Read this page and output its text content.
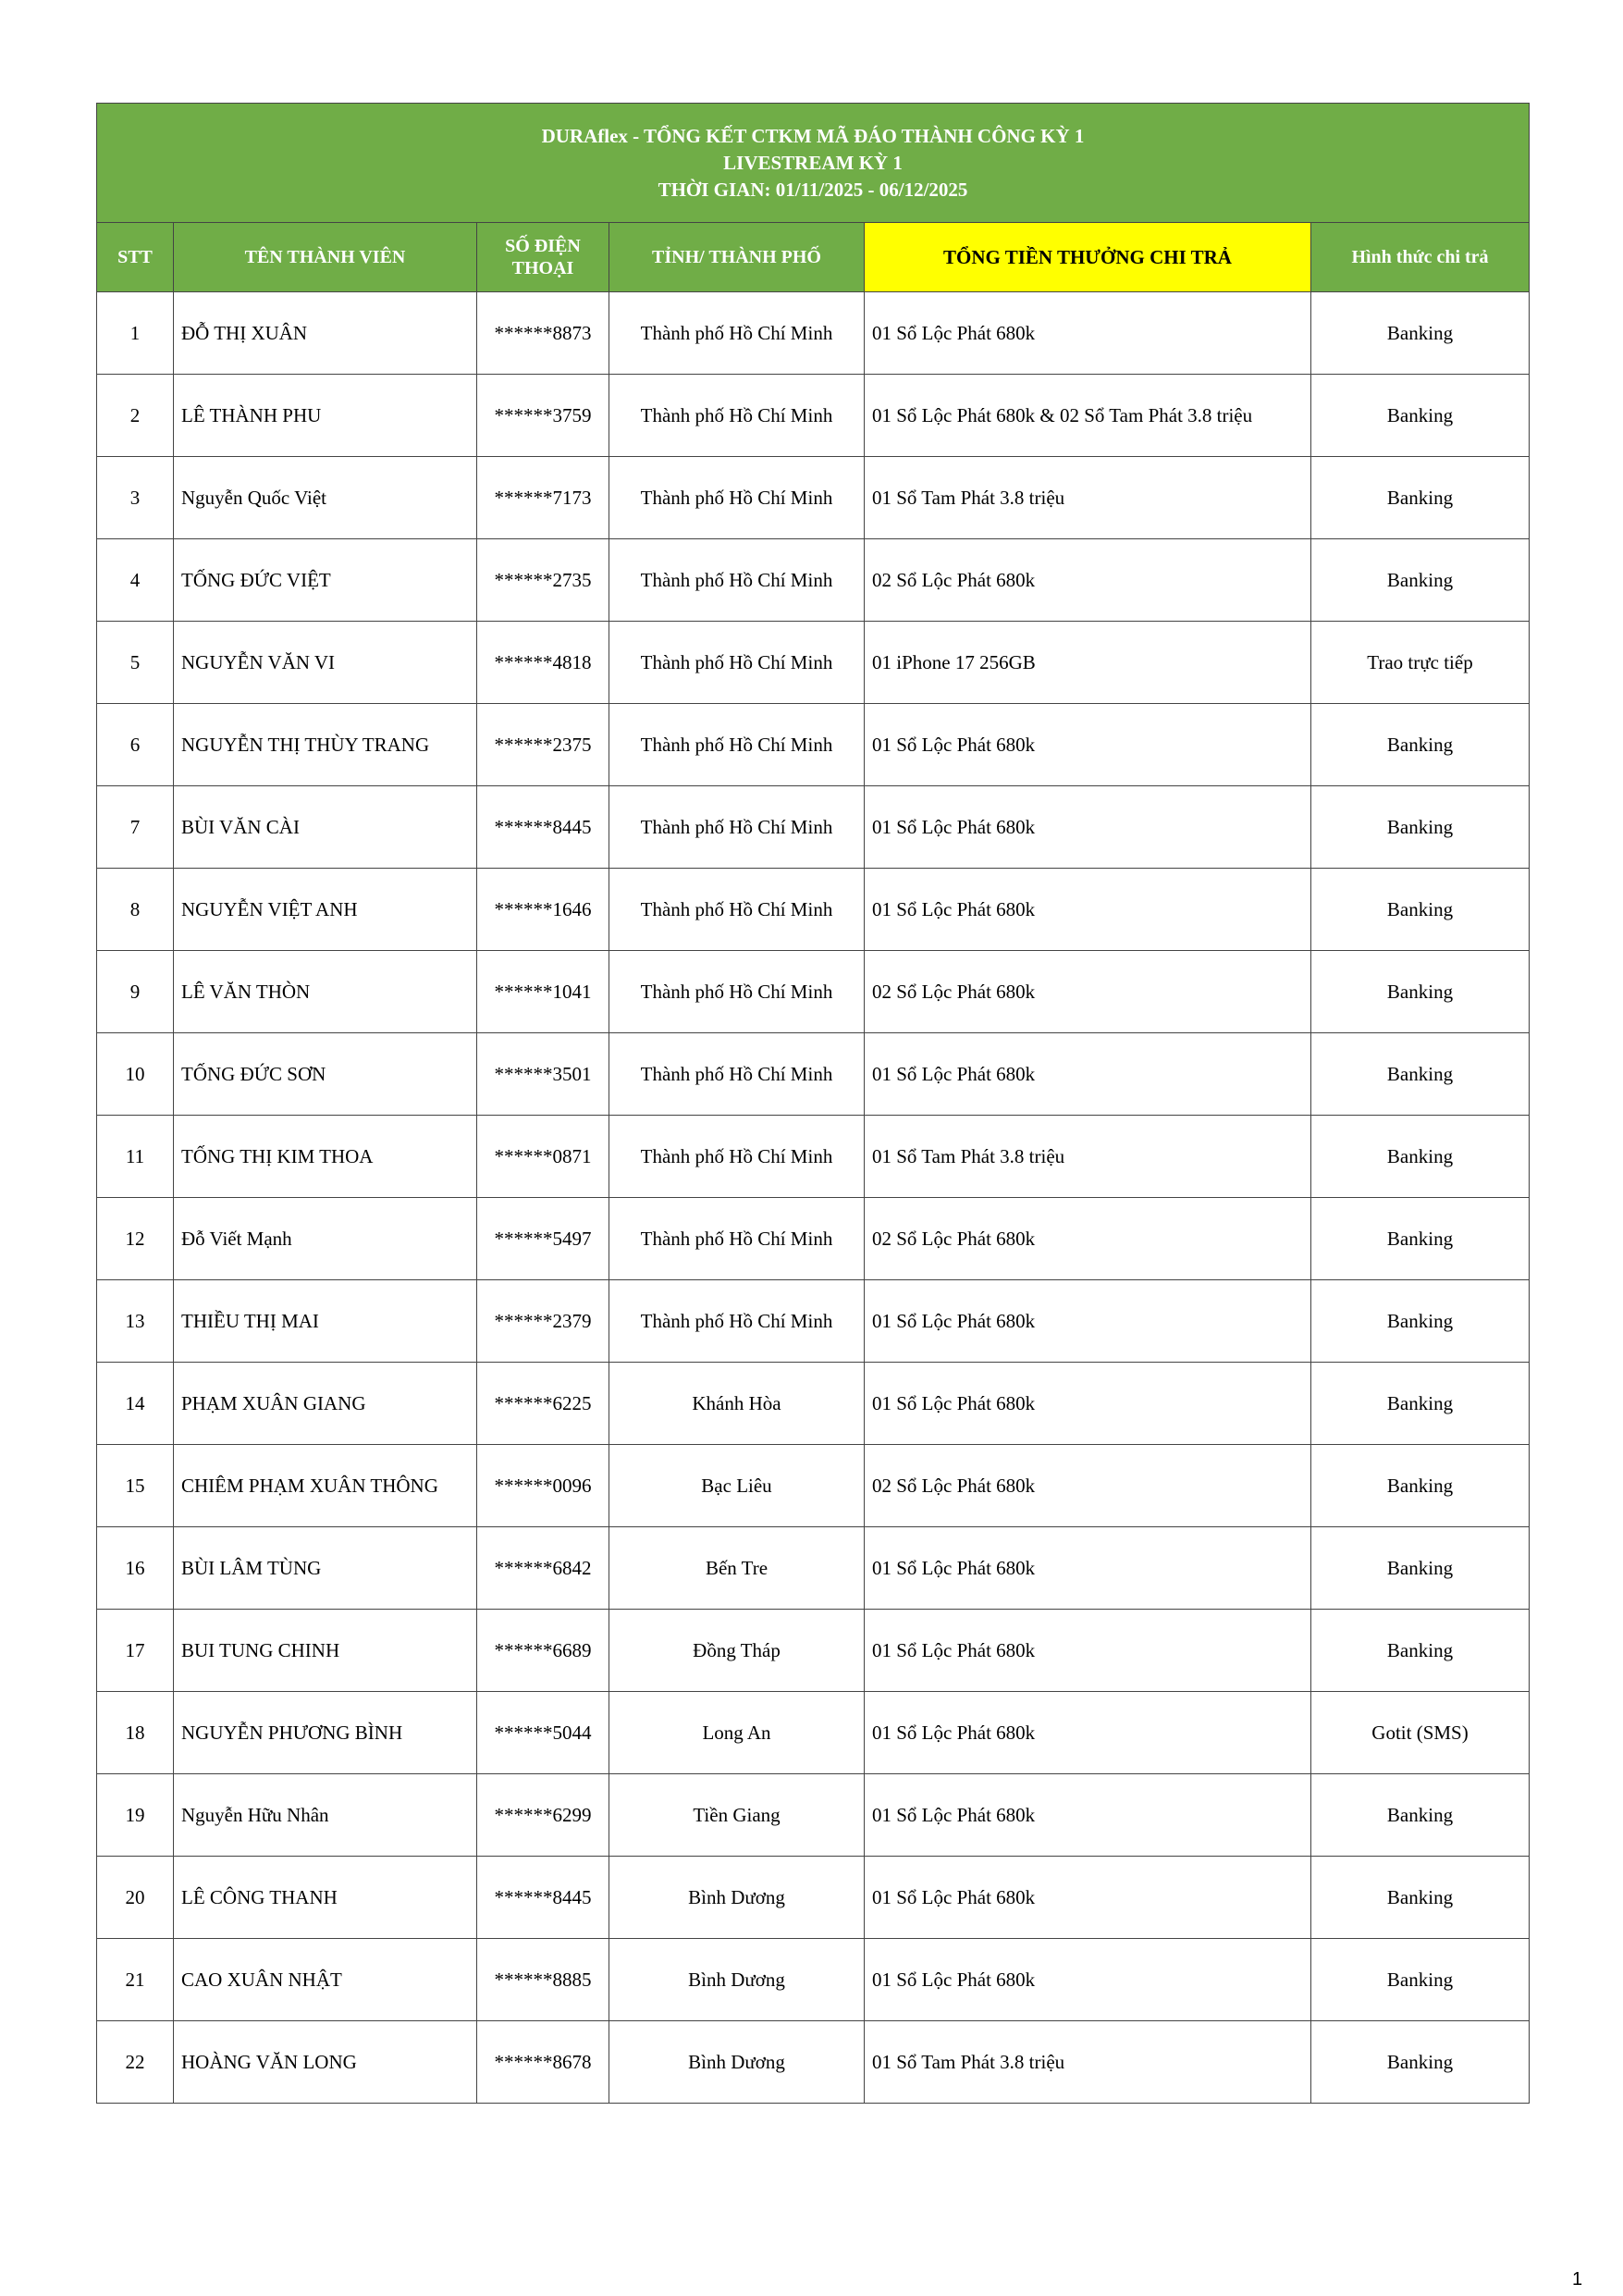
DURAflex - TỔNG KẾT CTKM MÃ ĐÁO THÀNH CÔNG KỲ 1
LIVESTREAM KỲ 1
THỜI GIAN: 01/11/2025 - 06/12/2025					

STT	TÊN THÀNH VIÊN	SỐ ĐIỆN THOẠI	TỈNH/ THÀNH PHỐ	TỔNG TIỀN THƯỞNG CHI TRẢ	Hình thức chi trả
1	ĐỖ THỊ XUÂN	******8873	Thành phố Hồ Chí Minh	01 Sổ Lộc Phát 680k	Banking
2	LÊ THÀNH PHU	******3759	Thành phố Hồ Chí Minh	01 Sổ Lộc Phát 680k & 02 Sổ Tam Phát 3.8 triệu	Banking
3	Nguyễn Quốc Việt	******7173	Thành phố Hồ Chí Minh	01 Sổ Tam Phát 3.8 triệu	Banking
4	TỐNG ĐỨC VIỆT	******2735	Thành phố Hồ Chí Minh	02 Sổ Lộc Phát 680k	Banking
5	NGUYỄN VĂN VI	******4818	Thành phố Hồ Chí Minh	01 iPhone 17 256GB	Trao trực tiếp
6	NGUYỄN THỊ THÙY TRANG	******2375	Thành phố Hồ Chí Minh	01 Sổ Lộc Phát 680k	Banking
7	BÙI VĂN CÀI	******8445	Thành phố Hồ Chí Minh	01 Sổ Lộc Phát 680k	Banking
8	NGUYỄN VIỆT ANH	******1646	Thành phố Hồ Chí Minh	01 Sổ Lộc Phát 680k	Banking
9	LÊ VĂN THÒN	******1041	Thành phố Hồ Chí Minh	02 Sổ Lộc Phát 680k	Banking
10	TỐNG ĐỨC SƠN	******3501	Thành phố Hồ Chí Minh	01 Sổ Lộc Phát 680k	Banking
11	TỐNG THỊ KIM THOA	******0871	Thành phố Hồ Chí Minh	01 Sổ Tam Phát 3.8 triệu	Banking
12	Đỗ Viết Mạnh	******5497	Thành phố Hồ Chí Minh	02 Sổ Lộc Phát 680k	Banking
13	THIỀU THỊ MAI	******2379	Thành phố Hồ Chí Minh	01 Sổ Lộc Phát 680k	Banking
14	PHẠM XUÂN GIANG	******6225	Khánh Hòa	01 Sổ Lộc Phát 680k	Banking
15	CHIÊM PHẠM XUÂN THÔNG	******0096	Bạc Liêu	02 Sổ Lộc Phát 680k	Banking
16	BÙI LÂM TÙNG	******6842	Bến Tre	01 Sổ Lộc Phát 680k	Banking
17	BUI TUNG CHINH	******6689	Đồng Tháp	01 Sổ Lộc Phát 680k	Banking
18	NGUYỄN PHƯƠNG BÌNH	******5044	Long An	01 Sổ Lộc Phát 680k	Gotit (SMS)
19	Nguyễn Hữu Nhân	******6299	Tiền Giang	01 Sổ Lộc Phát 680k	Banking
20	LÊ CÔNG THANH	******8445	Bình Dương	01 Sổ Lộc Phát 680k	Banking
21	CAO XUÂN NHẬT	******8885	Bình Dương	01 Sổ Lộc Phát 680k	Banking
22	HOÀNG VĂN LONG	******8678	Bình Dương	01 Sổ Tam Phát 3.8 triệu	Banking
1
